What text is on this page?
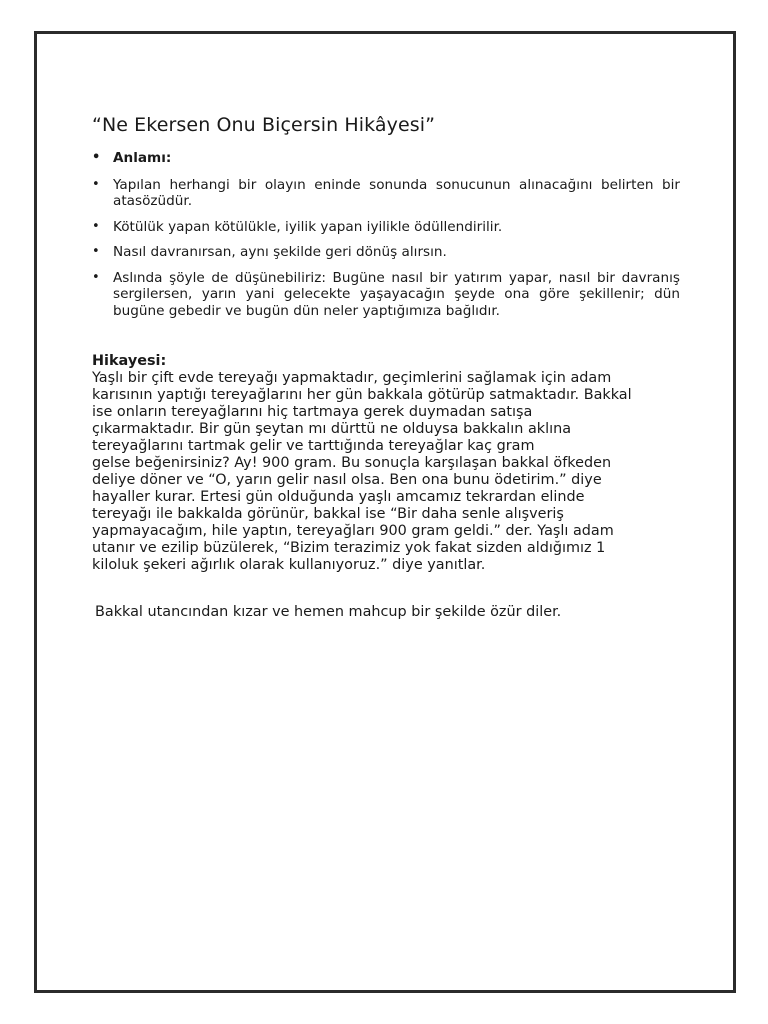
“Ne Ekersen Onu Biçersin Hikâyesi”
• Anlamı:
• Yapılan herhangi bir olayın eninde sonunda sonucunun alınacağını belirten bir atasözüdür.
• Kötülük yapan kötülükle, iyilik yapan iyilikle ödüllendirilir.
• Nasıl davranırsan, aynı şekilde geri dönüş alırsın.
• Aslında şöyle de düşünebiliriz: Bugüne nasıl bir yatırım yapar, nasıl bir davranış sergilersen, yarın yani gelecekte yaşayacağın şeyde ona göre şekillenir; dün bugüne gebedir ve bugün dün neler yaptığımıza bağlıdır.
Hikayesi:
Yaşlı bir çift evde tereyağı yapmaktadır, geçimlerini sağlamak için adam
karısının yaptığı tereyağlarını her gün bakkala götürüp satmaktadır. Bakkal
ise onların tereyağlarını hiç tartmaya gerek duymadan satışa
çıkarmaktadır. Bir gün şeytan mı dürttü ne olduysa bakkalın aklına
tereyağlarını tartmak gelir ve tarttığında tereyağlar kaç gram
gelse beğenirsiniz? Ay! 900 gram. Bu sonuçla karşılaşan bakkal öfkeden
deliye döner ve “O, yarın gelir nasıl olsa. Ben ona bunu ödetirim.” diye
hayaller kurar. Ertesi gün olduğunda yaşlı amcamız tekrardan elinde
tereyağı ile bakkalda görünür, bakkal ise “Bir daha senle alışveriş
yapmayacağım, hile yaptın, tereyağları 900 gram geldi.” der. Yaşlı adam
utanır ve ezilip büzülerek, “Bizim terazimiz yok fakat sizden aldığımız 1
kiloluk şekeri ağırlık olarak kullanıyoruz.” diye yanıtlar.
Bakkal utancından kızar ve hemen mahcup bir şekilde özür diler.
